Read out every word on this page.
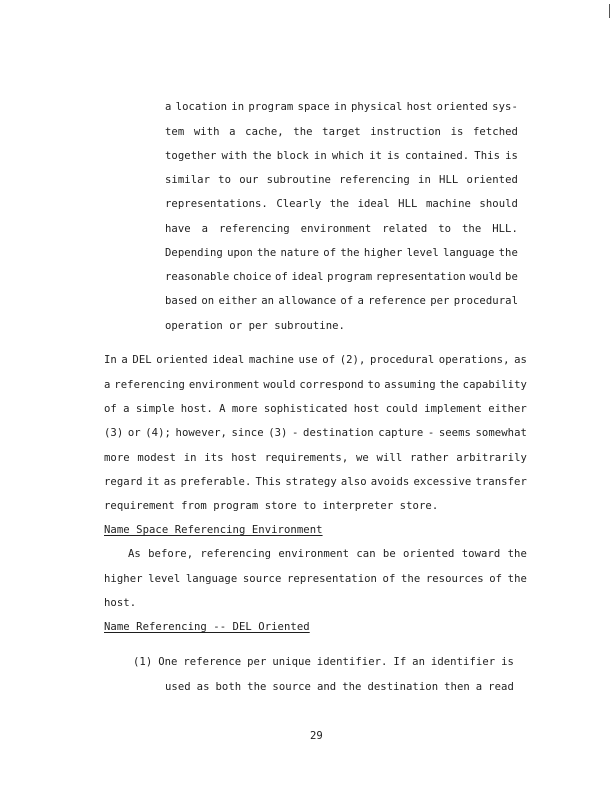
a location in program space in physical host oriented sys-
tem with a cache, the target instruction is fetched
together with the block in which it is contained. This is
similar to our subroutine referencing in HLL oriented
representations. Clearly the ideal HLL machine should
have a referencing environment related to the HLL.
Depending upon the nature of the higher level language the
reasonable choice of ideal program representation would be
based on either an allowance of a reference per procedural
operation or per subroutine.
In a DEL oriented ideal machine use of (2), procedural operations, as
a referencing environment would correspond to assuming the capability
of a simple host. A more sophisticated host could implement either
(3) or (4); however, since (3) - destination capture - seems somewhat
more modest in its host requirements, we will rather arbitrarily
regard it as preferable. This strategy also avoids excessive transfer
requirement from program store to interpreter store.
Name Space Referencing Environment
As before, referencing environment can be oriented toward the
higher level language source representation of the resources of the
host.
Name Referencing -- DEL Oriented
(1) One reference per unique identifier. If an identifier is
used as both the source and the destination then a read
29
